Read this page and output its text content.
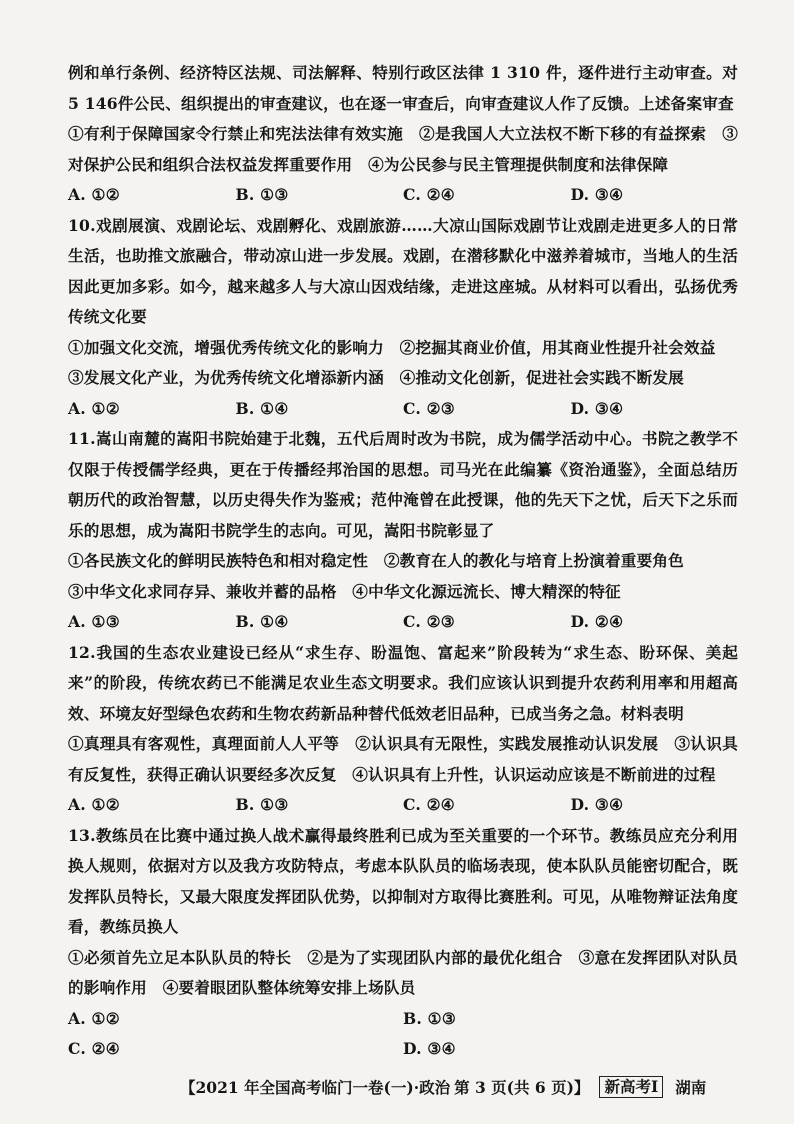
例和单行条例、经济特区法规、司法解释、特别行政区法律 1 310 件，逐件进行主动审查。对 5 146件公民、组织提出的审查建议，也在逐一审查后，向审查建议人作了反馈。上述备案审查

①有利于保障国家令行禁止和宪法法律有效实施　②是我国人大立法权不断下移的有益探索　③对保护公民和组织合法权益发挥重要作用　④为公民参与民主管理提供制度和法律保障

A. ①②	B. ①③	C. ②④	D. ③④

10.戏剧展演、戏剧论坛、戏剧孵化、戏剧旅游……大凉山国际戏剧节让戏剧走进更多人的日常生活，也助推文旅融合，带动凉山进一步发展。戏剧，在潜移默化中滋养着城市，当地人的生活因此更加多彩。如今，越来越多人与大凉山因戏结缘，走进这座城。从材料可以看出，弘扬优秀传统文化要

①加强文化交流，增强优秀传统文化的影响力　②挖掘其商业价值，用其商业性提升社会效益

③发展文化产业，为优秀传统文化增添新内涵　④推动文化创新，促进社会实践不断发展

A. ①②	B. ①④	C. ②③	D. ③④

11.嵩山南麓的嵩阳书院始建于北魏，五代后周时改为书院，成为儒学活动中心。书院之教学不仅限于传授儒学经典，更在于传播经邦治国的思想。司马光在此编纂《资治通鉴》，全面总结历朝历代的政治智慧，以历史得失作为鉴戒；范仲淹曾在此授课，他的先天下之忧，后天下之乐而乐的思想，成为嵩阳书院学生的志向。可见，嵩阳书院彰显了

①各民族文化的鲜明民族特色和相对稳定性　②教育在人的教化与培育上扮演着重要角色

③中华文化求同存异、兼收并蓄的品格　④中华文化源远流长、博大精深的特征

A. ①③	B. ①④	C. ②③	D. ②④

12.我国的生态农业建设已经从“求生存、盼温饱、富起来”阶段转为“求生态、盼环保、美起来”的阶段，传统农药已不能满足农业生态文明要求。我们应该认识到提升农药利用率和用超高效、环境友好型绿色农药和生物农药新品种替代低效老旧品种，已成当务之急。材料表明

①真理具有客观性，真理面前人人平等　②认识具有无限性，实践发展推动认识发展　③认识具有反复性，获得正确认识要经多次反复　④认识具有上升性，认识运动应该是不断前进的过程

A. ①②	B. ①③	C. ②④	D. ③④

13.教练员在比赛中通过换人战术赢得最终胜利已成为至关重要的一个环节。教练员应充分利用换人规则，依据对方以及我方攻防特点，考虑本队队员的临场表现，使本队队员能密切配合，既发挥队员特长，又最大限度发挥团队优势，以抑制对方取得比赛胜利。可见，从唯物辩证法角度看，教练员换人

①必须首先立足本队队员的特长　②是为了实现团队内部的最优化组合　③意在发挥团队对队员的影响作用　④要着眼团队整体统筹安排上场队员

A. ①②	B. ①③
C. ②④	D. ③④
【2021 年全国高考临门一卷(一)·政治 第 3 页(共 6 页)】 新高考Ⅰ	湖南
